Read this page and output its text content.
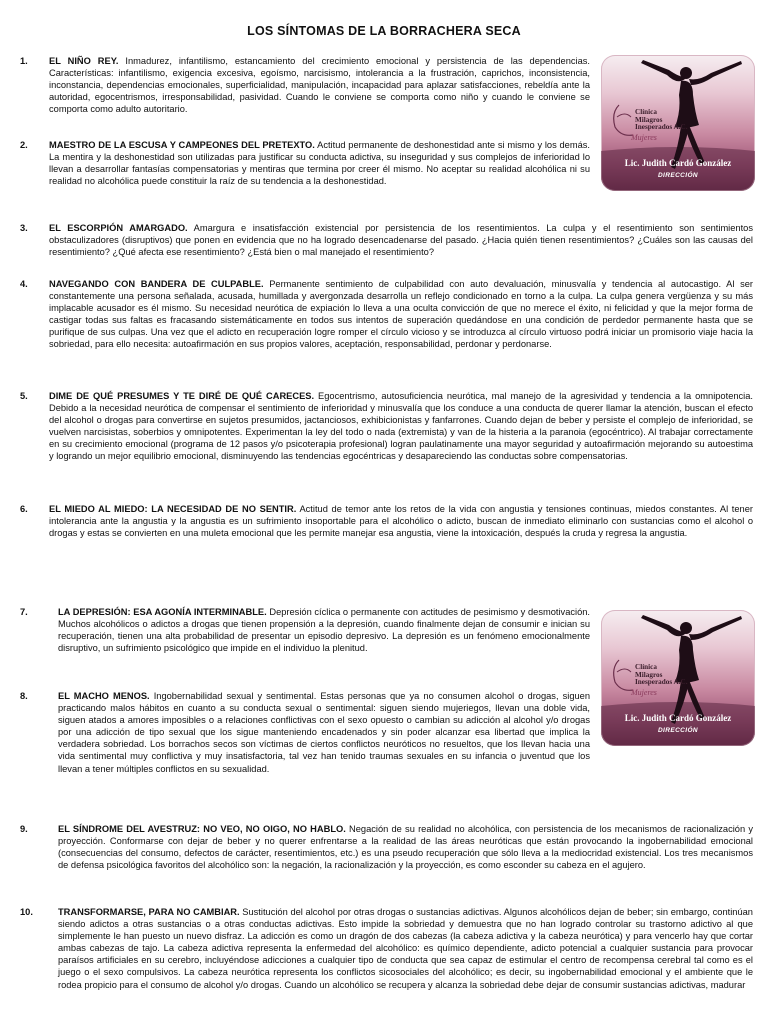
LOS SÍNTOMAS DE LA BORRACHERA SECA
1. EL NIÑO REY. Inmadurez, infantilismo, estancamiento del crecimiento emocional y persistencia de las dependencias. Características: infantilismo, exigencia excesiva, egoísmo, narcisismo, intolerancia a la frustración, caprichos, inconsistencia, inconstancia, dependencias emocionales, superficialidad, manipulación, incapacidad para aplazar satisfacciones, rebeldía ante la autoridad, egocentrismos, irresponsabilidad, pasividad. Cuando le conviene se comporta como niño y cuando le conviene se comporta como adulto autoritario.
2. MAESTRO DE LA ESCUSA Y CAMPEONES DEL PRETEXTO. Actitud permanente de deshonestidad ante si mismo y los demás. La mentira y la deshonestidad son utilizadas para justificar su conducta adictiva, su inseguridad y sus complejos de inferioridad lo llevan a desarrollar fantasías compensatorias y mentiras que termina por creer él mismo. No aceptar su realidad alcohólica ni su realidad no alcohólica puede constituir la raíz de su tendencia a la deshonestidad.
3. EL ESCORPIÓN AMARGADO. Amargura e insatisfacción existencial por persistencia de los resentimientos. La culpa y el resentimiento son sentimientos obstaculizadores (disruptivos) que ponen en evidencia que no ha logrado desencadenarse del pasado. ¿Hacia quién tienen resentimientos? ¿Cuáles son las causas del resentimiento? ¿Qué afecta ese resentimiento? ¿Está bien o mal manejado el resentimiento?
4. NAVEGANDO CON BANDERA DE CULPABLE. Permanente sentimiento de culpabilidad con auto devaluación, minusvalía y tendencia al autocastigo. Al ser constantemente una persona señalada, acusada, humillada y avergonzada desarrolla un reflejo condicionado en torno a la culpa. La culpa genera vergüenza y su más implacable acusador es él mismo. Su necesidad neurótica de expiación lo lleva a una oculta convicción de que no merece el éxito, ni felicidad y que la mejor forma de castigar todas sus faltas es fracasando sistemáticamente en todos sus intentos de superación quedándose en una condición de perdedor permanente hasta que se purifique de sus culpas. Una vez que el adicto en recuperación logre romper el círculo vicioso y se introduzca al círculo virtuoso podrá iniciar un promisorio viaje hacia la sobriedad, para ello necesita: autoafirmación en sus propios valores, aceptación, responsabilidad, perdonar y perdonarse.
5. DIME DE QUÉ PRESUMES Y TE DIRÉ DE QUÉ CARECES. Egocentrismo, autosuficiencia neurótica, mal manejo de la agresividad y tendencia a la omnipotencia. Debido a la necesidad neurótica de compensar el sentimiento de inferioridad y minusvalía que los conduce a una conducta de querer llamar la atención, buscan el efecto del alcohol o drogas para convertirse en sujetos presumidos, jactanciosos, exhibicionistas y fanfarrones. Cuando dejan de beber y persiste el complejo de inferioridad, se vuelven narcisistas, soberbios y omnipotentes. Experimentan la ley del todo o nada (extremista) y van de la histeria a la paranoia (egocéntrico). Al trabajar correctamente en su crecimiento emocional (programa de 12 pasos y/o psicoterapia profesional) logran paulatinamente una mayor seguridad y autoafirmación mejorando su autoestima y logrando un mejor equilibrio emocional, disminuyendo las tendencias egocéntricas y desapareciendo las conductas sobre compensatorias.
6. EL MIEDO AL MIEDO: LA NECESIDAD DE NO SENTIR. Actitud de temor ante los retos de la vida con angustia y tensiones continuas, miedos constantes. Al tener intolerancia ante la angustia y la angustia es un sufrimiento insoportable para el alcohólico o adicto, buscan de inmediato eliminarlo con sustancias como el alcohol o drogas y estas se convierten en una muleta emocional que les permite manejar esa angustia, viene la intoxicación, después la cruda y regresa la angustia.
7.	LA DEPRESIÓN: ESA AGONÍA INTERMINABLE. Depresión cíclica o permanente con actitudes de pesimismo y desmotivación. Muchos alcohólicos o adictos a drogas que tienen propensión a la depresión, cuando finalmente dejan de consumir e inician su recuperación, tienen una alta probabilidad de presentar un episodio depresivo. La depresión es un fenómeno emocionalmente disruptivo, un sufrimiento psicológico que impide en el individuo la plenitud.
8.	EL MACHO MENOS. Ingobernabilidad sexual y sentimental. Estas personas que ya no consumen alcohol o drogas, siguen practicando malos hábitos en cuanto a su conducta sexual o sentimental: siguen siendo mujeriegos, llevan una doble vida, siguen atados a amores imposibles o a relaciones conflictivas con el sexo opuesto o cambian su adicción al alcohol y/o drogas por una adicción de tipo sexual que los sigue manteniendo encadenados y sin poder alcanzar esa libertad que implica la verdadera sobriedad. Los borrachos secos son víctimas de ciertos conflictos neuróticos no resueltos, que los llevan hacia una vida sentimental muy conflictiva y muy insatisfactoria, tal vez han tenido traumas sexuales en su infancia o juventud que los llevan a tener múltiples conflictos en su sexualidad.
9.	EL SÍNDROME DEL AVESTRUZ: NO VEO, NO OIGO, NO HABLO. Negación de su realidad no alcohólica, con persistencia de los mecanismos de racionalización y proyección. Conformarse con dejar de beber y no querer enfrentarse a la realidad de las áreas neuróticas que están provocando la ingobernabilidad emocional (consecuencias del consumo, defectos de carácter, resentimientos, etc.) es una pseudo recuperación que sólo lleva a la mediocridad existencial. Los tres mecanismos de defensa psicológica favoritos del alcohólico son: la negación, la racionalización y la proyección, es como esconder su cabeza en el agujero.
10.	TRANSFORMARSE, PARA NO CAMBIAR. Sustitución del alcohol por otras drogas o sustancias adictivas. Algunos alcohólicos dejan de beber; sin embargo, continúan siendo adictos a otras sustancias o a otras conductas adictivas. Esto impide la sobriedad y demuestra que no han logrado controlar su trastorno adictivo al que simplemente le han puesto un nuevo disfraz. La adicción es como un dragón de dos cabezas (la cabeza adictiva y la cabeza neurótica) y para vencerlo hay que cortar ambas cabezas de tajo. La cabeza adictiva representa la enfermedad del alcohólico: es químico dependiente, adicto potencial a cualquier sustancia para provocar paraísos artificiales en su cerebro, incluyéndose adicciones a cualquier tipo de conducta que sea capaz de estimular el centro de recompensa cerebral tal como es el juego o el sexo compulsivos. La cabeza neurótica representa los conflictos sicosociales del alcohólico; es decir, su ingobernabilidad emocional y el ambiente que le rodea propicio para el consumo de alcohol y/o drogas. Cuando un alcohólico se recupera y alcanza la sobriedad debe dejar de consumir sustancias adictivas, madurar
Clínica
Milagros
Inesperados A.C.
Mujeres
Lic. Judith Cardó González
DIRECCIÓN
Clínica
Milagros
Inesperados A.C.
Mujeres
Lic. Judith Cardó González
DIRECCIÓN
